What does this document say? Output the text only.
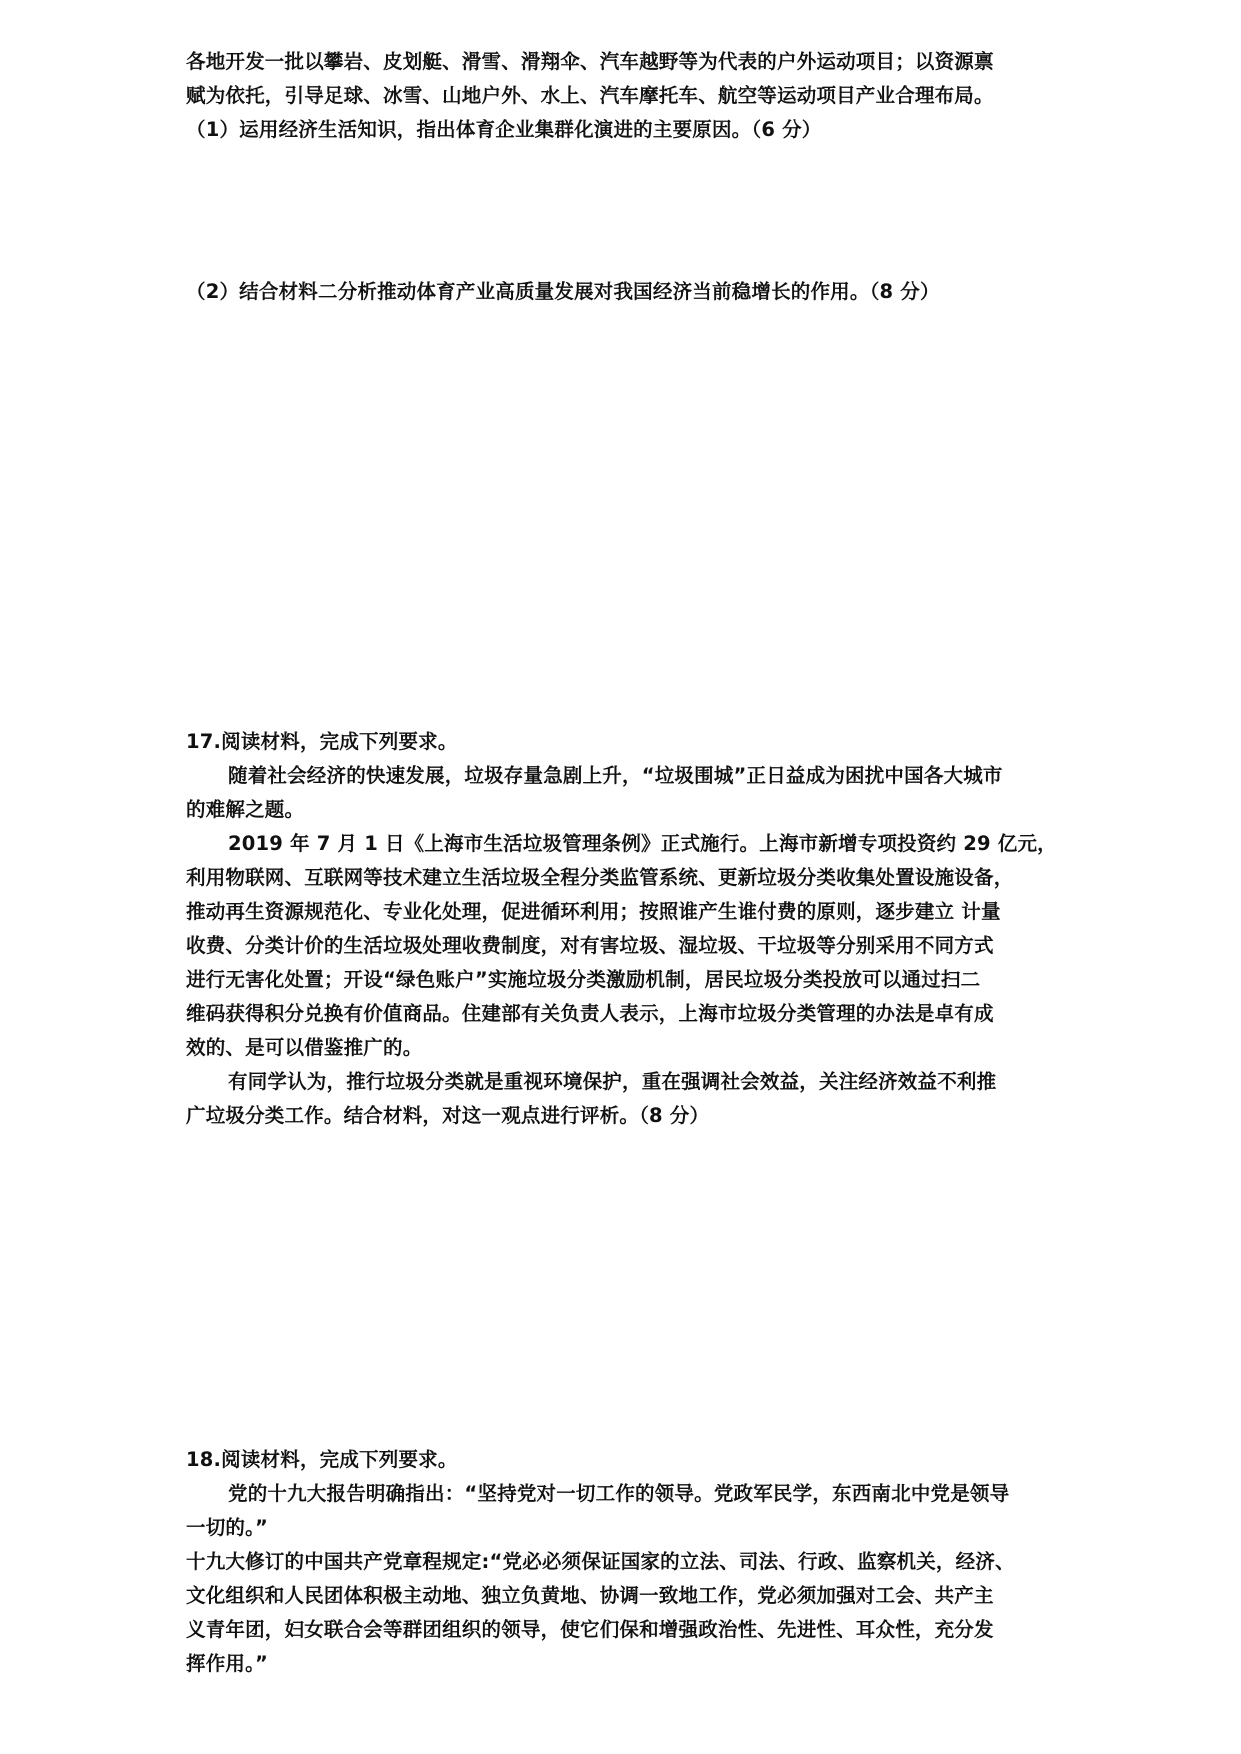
各地开发一批以攀岩、皮划艇、滑雪、滑翔伞、汽车越野等为代表的户外运动项目；以资源禀
赋为依托，引导足球、冰雪、山地户外、水上、汽车摩托车、航空等运动项目产业合理布局。
（1）运用经济生活知识，指出体育企业集群化演进的主要原因。（6 分）
（2）结合材料二分析推动体育产业高质量发展对我国经济当前稳增长的作用。（8 分）
17.阅读材料，完成下列要求。
随着社会经济的快速发展，垃圾存量急剧上升，“垃圾围城”正日益成为困扰中国各大城市
的难解之题。
2019 年 7 月 1 日《上海市生活垃圾管理条例》正式施行。上海市新增专项投资约 29 亿元，
利用物联网、互联网等技术建立生活垃圾全程分类监管系统、更新垃圾分类收集处置设施设备，
推动再生资源规范化、专业化处理，促进循环利用；按照谁产生谁付费的原则，逐步建立 计量
收费、分类计价的生活垃圾处理收费制度，对有害垃圾、湿垃圾、干垃圾等分别采用不同方式
进行无害化处置；开设“绿色账户”实施垃圾分类激励机制，居民垃圾分类投放可以通过扫二
维码获得积分兑换有价值商品。住建部有关负责人表示，上海市垃圾分类管理的办法是卓有成
效的、是可以借鉴推广的。
有同学认为，推行垃圾分类就是重视环境保护，重在强调社会效益，关注经济效益不利推
广垃圾分类工作。结合材料，对这一观点进行评析。（8 分）
18.阅读材料，完成下列要求。
党的十九大报告明确指出：“坚持党对一切工作的领导。党政军民学，东西南北中党是领导
一切的。”
十九大修订的中国共产党章程规定:“党必必须保证国家的立法、司法、行政、监察机关，经济、
文化组织和人民团体积极主动地、独立负黄地、协调一致地工作，党必须加强对工会、共产主
义青年团，妇女联合会等群团组织的领导，使它们保和增强政治性、先进性、耳众性，充分发
挥作用。”
